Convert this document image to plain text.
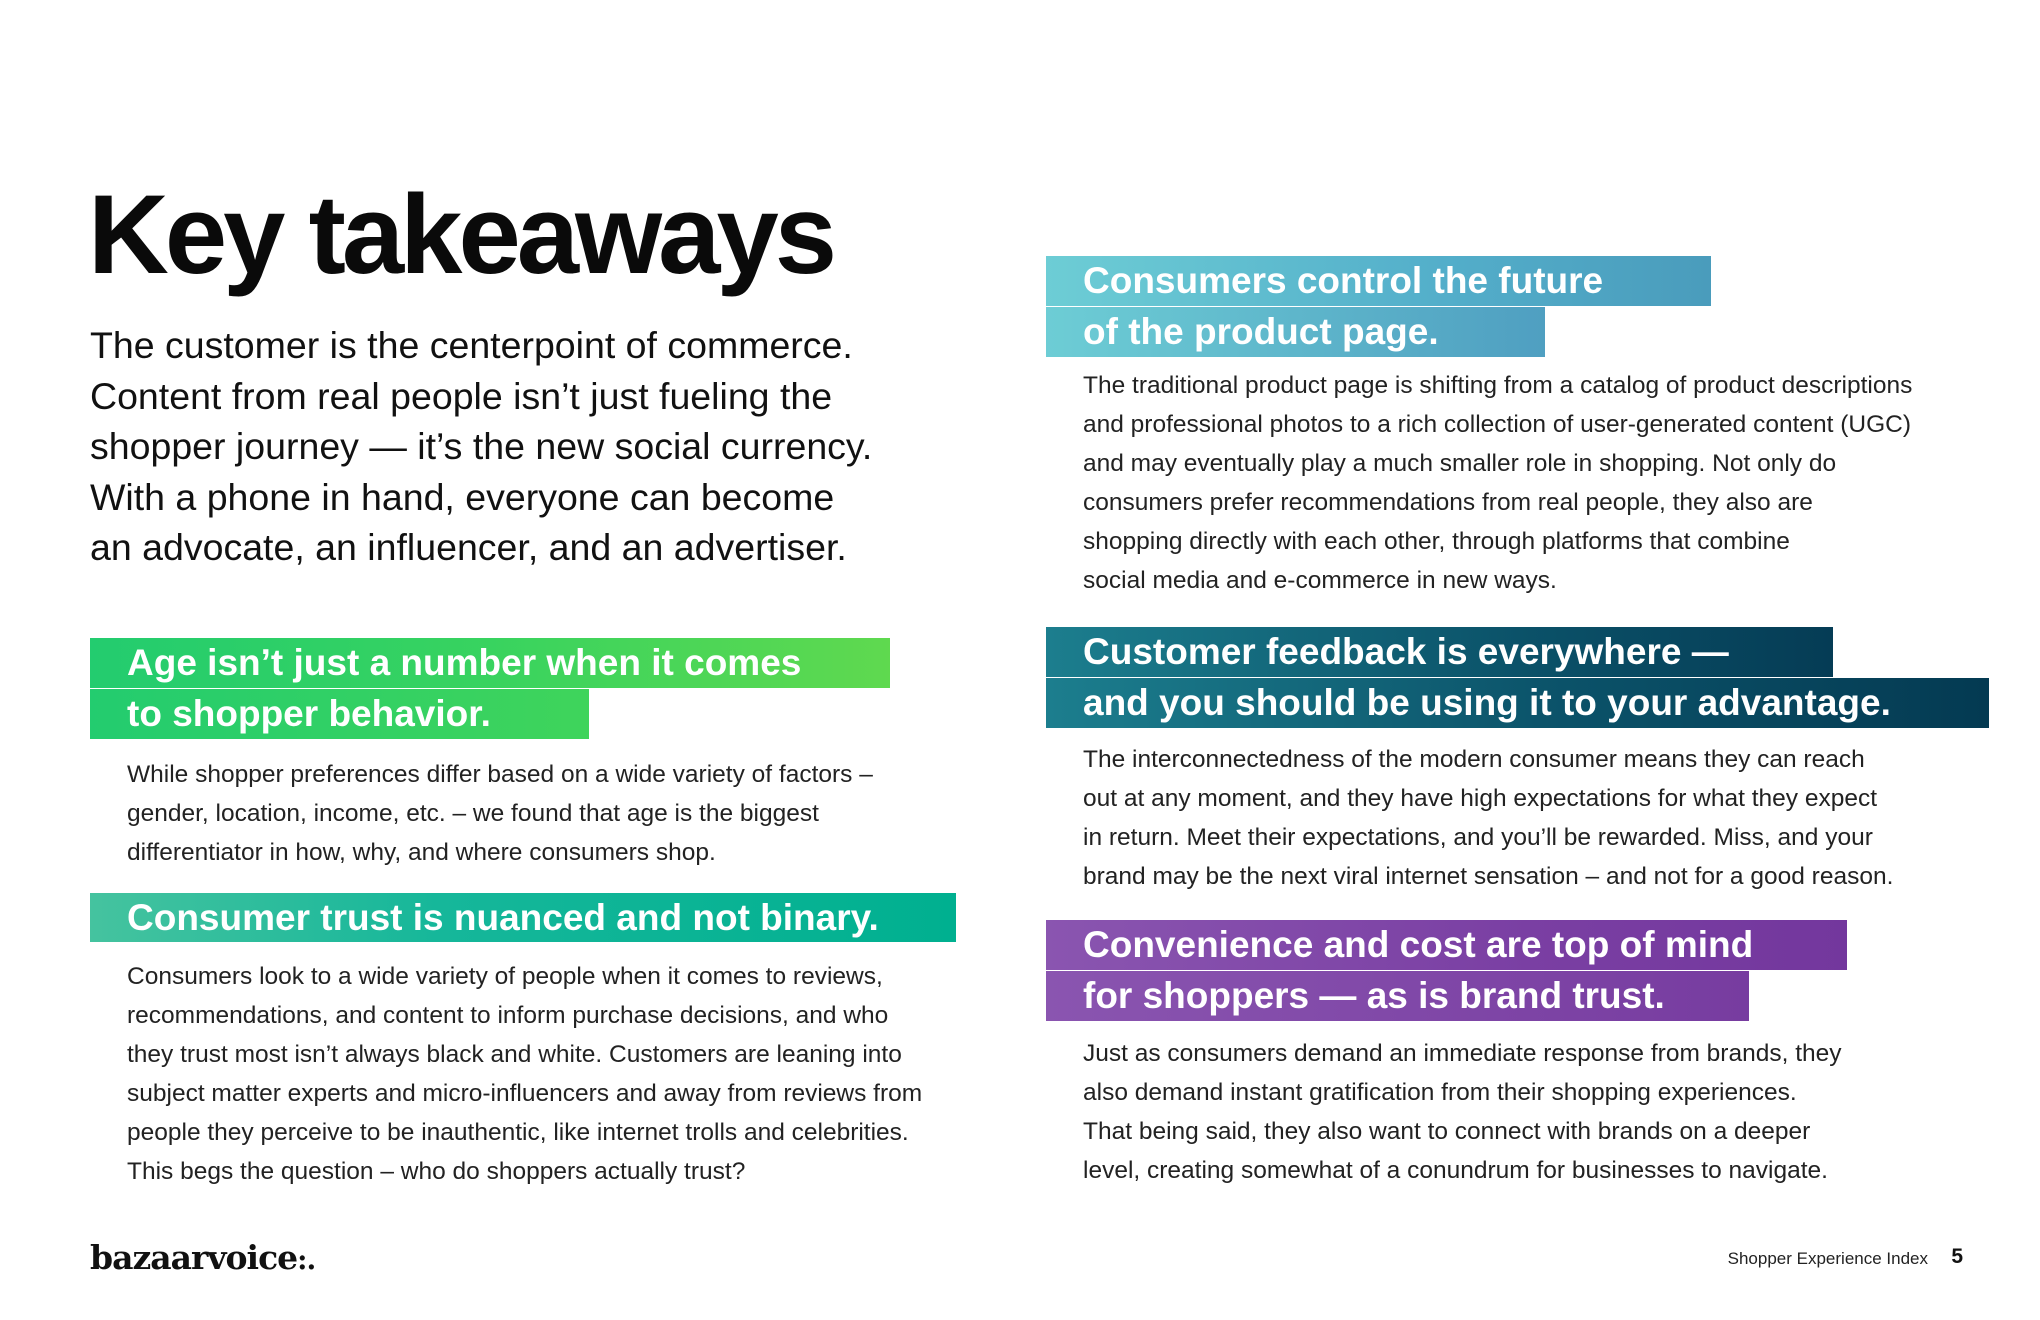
Key takeaways
The customer is the centerpoint of commerce.
Content from real people isn’t just fueling the
shopper journey — it’s the new social currency.
With a phone in hand, everyone can become
an advocate, an influencer, and an advertiser.
Age isn’t just a number when it comes
to shopper behavior.
While shopper preferences differ based on a wide variety of factors –
gender, location, income, etc. – we found that age is the biggest
differentiator in how, why, and where consumers shop.
Consumer trust is nuanced and not binary.
Consumers look to a wide variety of people when it comes to reviews,
recommendations, and content to inform purchase decisions, and who
they trust most isn’t always black and white. Customers are leaning into
subject matter experts and micro-influencers and away from reviews from
people they perceive to be inauthentic, like internet trolls and celebrities.
This begs the question – who do shoppers actually trust?
Consumers control the future
of the product page.
The traditional product page is shifting from a catalog of product descriptions
and professional photos to a rich collection of user-generated content (UGC)
and may eventually play a much smaller role in shopping. Not only do
consumers prefer recommendations from real people, they also are
shopping directly with each other, through platforms that combine
social media and e-commerce in new ways.
Customer feedback is everywhere —
and you should be using it to your advantage.
The interconnectedness of the modern consumer means they can reach
out at any moment, and they have high expectations for what they expect
in return. Meet their expectations, and you’ll be rewarded. Miss, and your
brand may be the next viral internet sensation – and not for a good reason.
Convenience and cost are top of mind
for shoppers — as is brand trust.
Just as consumers demand an immediate response from brands, they
also demand instant gratification from their shopping experiences.
That being said, they also want to connect with brands on a deeper
level, creating somewhat of a conundrum for businesses to navigate.
bazaarvoice:.	Shopper Experience Index 5
